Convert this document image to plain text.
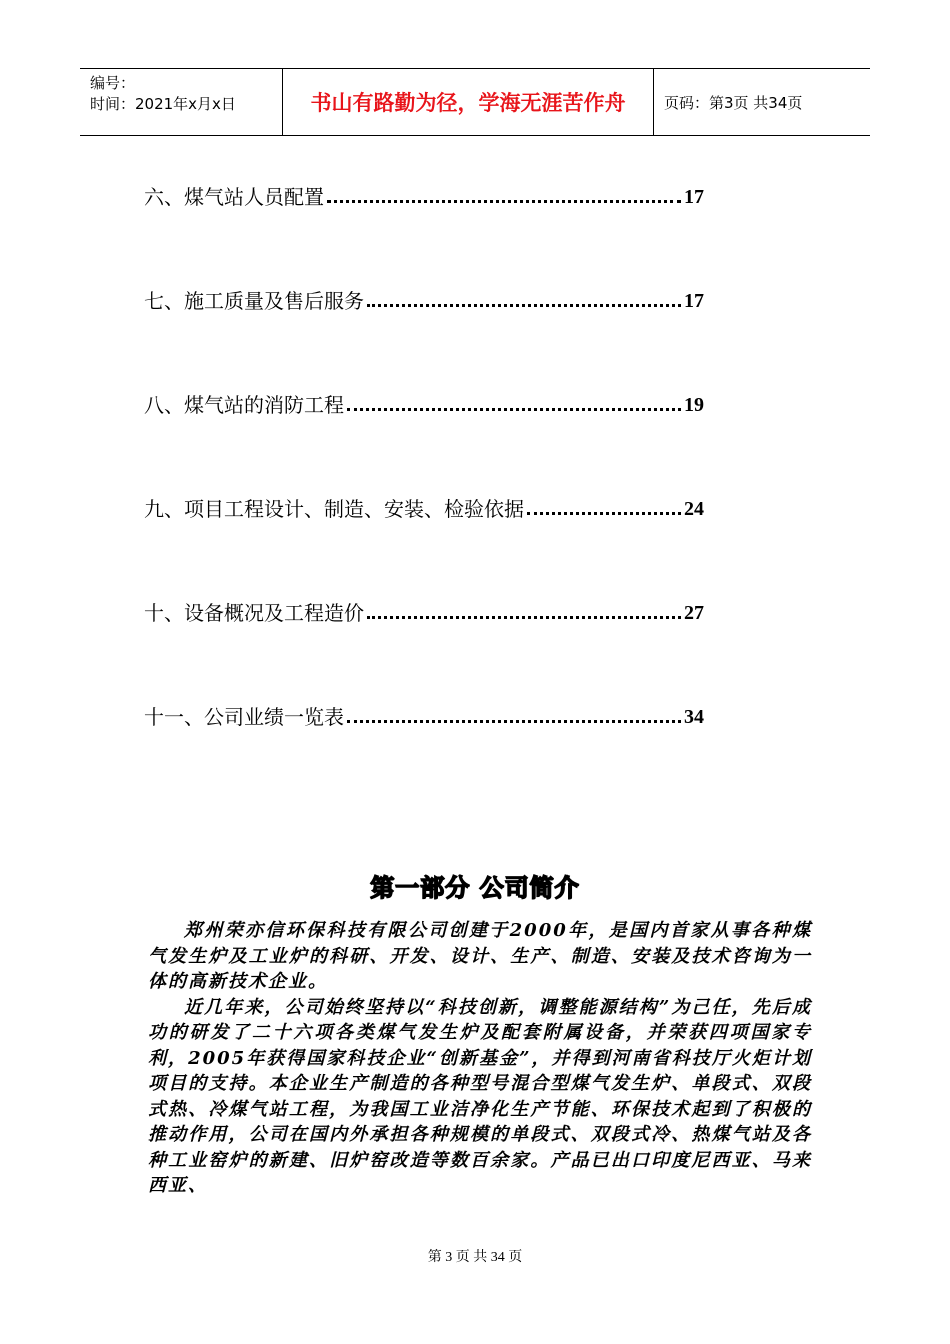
编号：
时间：2021年x月x日	书山有路勤为径，学海无涯苦作舟	页码：第3页 共34页
六、煤气站人员配置	17
七、施工质量及售后服务	17
八、煤气站的消防工程	19
九、项目工程设计、制造、安装、检验依据	24
十、设备概况及工程造价	27
十一、公司业绩一览表	34
第一部分 公司简介

郑州荣亦信环保科技有限公司创建于2000年，是国内首家从事各种煤气发生炉及工业炉的科研、开发、设计、生产、制造、安装及技术咨询为一体的高新技术企业。

近几年来，公司始终坚持以“科技创新，调整能源结构”为己任，先后成功的研发了二十六项各类煤气发生炉及配套附属设备，并荣获四项国家专利，2005年获得国家科技企业“创新基金”，并得到河南省科技厅火炬计划项目的支持。本企业生产制造的各种型号混合型煤气发生炉、单段式、双段式热、冷煤气站工程，为我国工业洁净化生产节能、环保技术起到了积极的推动作用，公司在国内外承担各种规模的单段式、双段式冷、热煤气站及各种工业窑炉的新建、旧炉窑改造等数百余家。产品已出口印度尼西亚、马来西亚、

第 3 页 共 34 页
